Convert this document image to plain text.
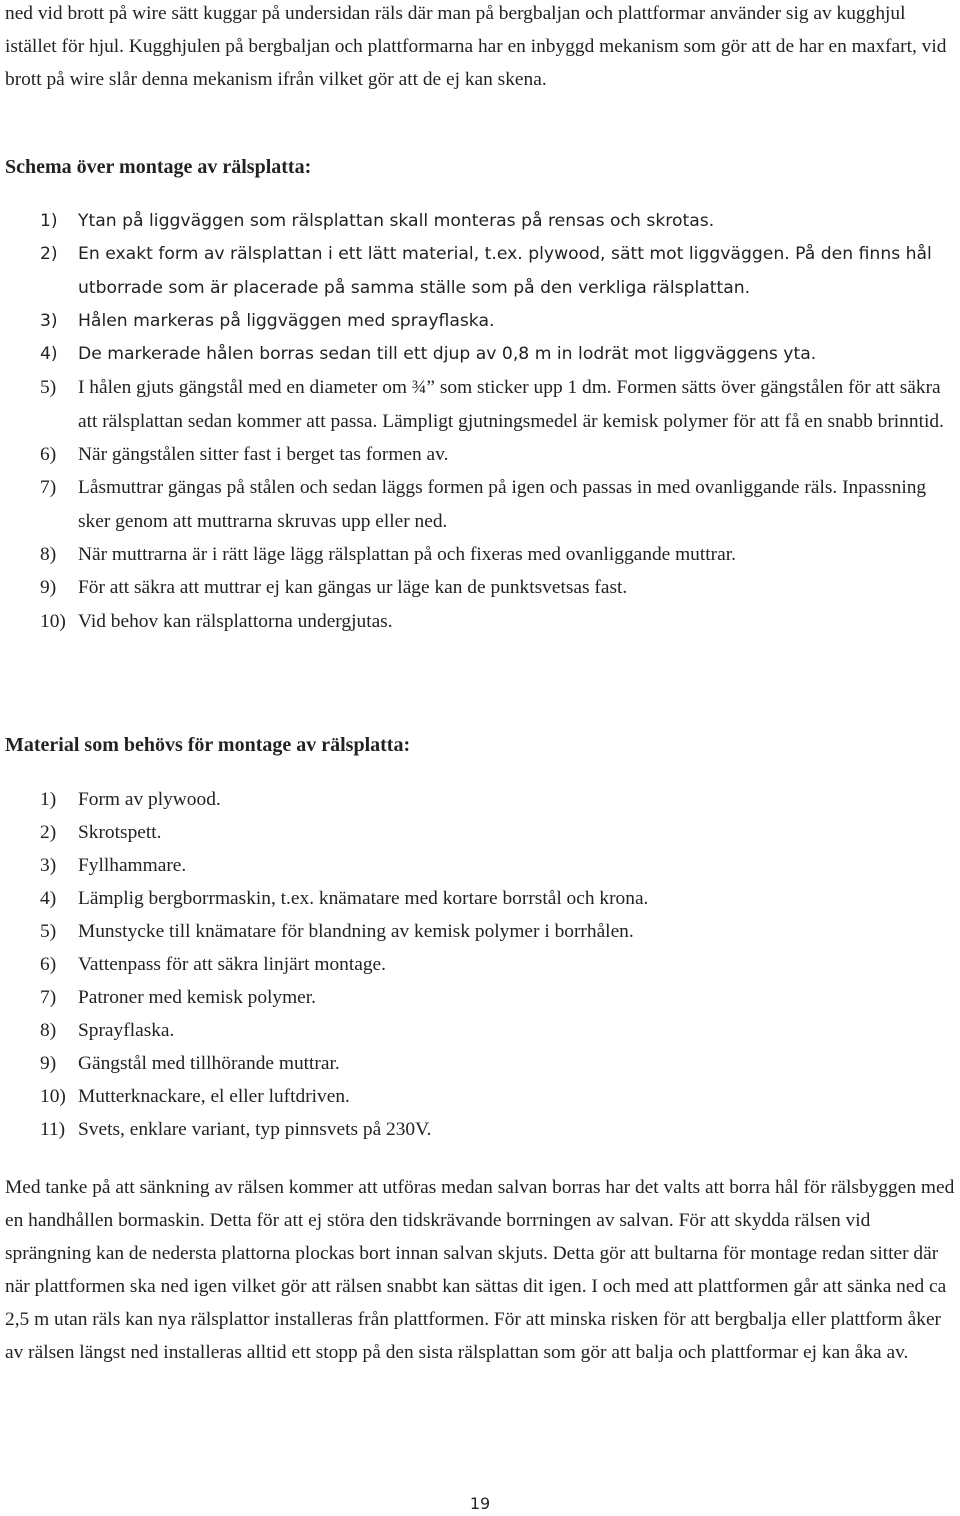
ned vid brott på wire sätt kuggar på undersidan räls där man på bergbaljan och plattformar använder sig av kugghjul istället för hjul. Kugghjulen på bergbaljan och plattformarna har en inbyggd mekanism som gör att de har en maxfart, vid brott på wire slår denna mekanism ifrån vilket gör att de ej kan skena.

Schema över montage av rälsplatta:
1) Ytan på liggväggen som rälsplattan skall monteras på rensas och skrotas.
2) En exakt form av rälsplattan i ett lätt material, t.ex. plywood, sätt mot liggväggen. På den finns hål utborrade som är placerade på samma ställe som på den verkliga rälsplattan.
3) Hålen markeras på liggväggen med sprayflaska.
4) De markerade hålen borras sedan till ett djup av 0,8 m in lodrät mot liggväggens yta.
5) I hålen gjuts gängstål med en diameter om ¾” som sticker upp 1 dm. Formen sätts över gängstålen för att säkra att rälsplattan sedan kommer att passa. Lämpligt gjutningsmedel är kemisk polymer för att få en snabb brinntid.
6) När gängstålen sitter fast i berget tas formen av.
7) Låsmuttrar gängas på stålen och sedan läggs formen på igen och passas in med ovanliggande räls. Inpassning sker genom att muttrarna skruvas upp eller ned.
8) När muttrarna är i rätt läge lägg rälsplattan på och fixeras med ovanliggande muttrar.
9) För att säkra att muttrar ej kan gängas ur läge kan de punktsvetsas fast.
10) Vid behov kan rälsplattorna undergjutas.
Material som behövs för montage av rälsplatta:
1) Form av plywood.
2) Skrotspett.
3) Fyllhammare.
4) Lämplig bergborrmaskin, t.ex. knämatare med kortare borrstål och krona.
5) Munstycke till knämatare för blandning av kemisk polymer i borrhålen.
6) Vattenpass för att säkra linjärt montage.
7) Patroner med kemisk polymer.
8) Sprayflaska.
9) Gängstål med tillhörande muttrar.
10) Mutterknackare, el eller luftdriven.
11) Svets, enklare variant, typ pinnsvets på 230V.

Med tanke på att sänkning av rälsen kommer att utföras medan salvan borras har det valts att borra hål för rälsbyggen med en handhållen bormaskin. Detta för att ej störa den tidskrävande borrningen av salvan. För att skydda rälsen vid sprängning kan de nedersta plattorna plockas bort innan salvan skjuts. Detta gör att bultarna för montage redan sitter där när plattformen ska ned igen vilket gör att rälsen snabbt kan sättas dit igen. I och med att plattformen går att sänka ned ca 2,5 m utan räls kan nya rälsplattor installeras från plattformen. För att minska risken för att bergbalja eller plattform åker av rälsen längst ned installeras alltid ett stopp på den sista rälsplattan som gör att balja och plattformar ej kan åka av.

19
